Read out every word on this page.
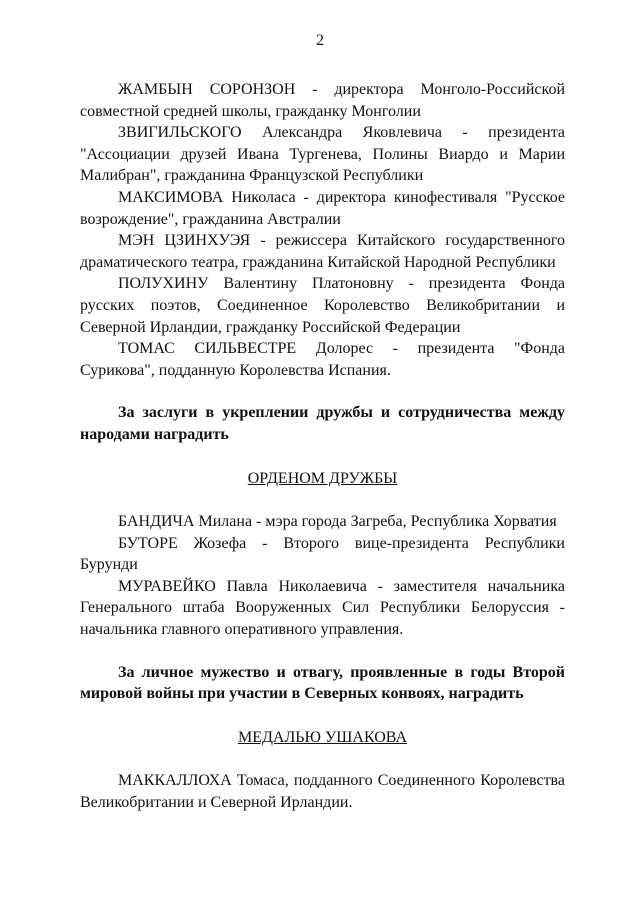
2

ЖАМБЫН СОРОНЗОН - директора Монголо-Российской совместной средней школы, гражданку Монголии

ЗВИГИЛЬСКОГО Александра Яковлевича - президента "Ассоциации друзей Ивана Тургенева, Полины Виардо и Марии Малибран", гражданина Французской Республики

МАКСИМОВА Николаса - директора кинофестиваля "Русское возрождение", гражданина Австралии

МЭН ЦЗИНХУЭЯ - режиссера Китайского государственного драматического театра, гражданина Китайской Народной Республики

ПОЛУХИНУ Валентину Платоновну - президента Фонда русских поэтов, Соединенное Королевство Великобритании и Северной Ирландии, гражданку Российской Федерации

ТОМАС СИЛЬВЕСТРЕ Долорес - президента "Фонда Сурикова", подданную Королевства Испания.

За заслуги в укреплении дружбы и сотрудничества между народами наградить

ОРДЕНОМ ДРУЖБЫ

БАНДИЧА Милана - мэра города Загреба, Республика Хорватия

БУТОРЕ Жозефа - Второго вице-президента Республики Бурунди

МУРАВЕЙКО Павла Николаевича - заместителя начальника Генерального штаба Вооруженных Сил Республики Белоруссия - начальника главного оперативного управления.

За личное мужество и отвагу, проявленные в годы Второй мировой войны при участии в Северных конвоях, наградить

МЕДАЛЬЮ УШАКОВА

МАККАЛЛОХА Томаса, подданного Соединенного Королевства Великобритании и Северной Ирландии.
